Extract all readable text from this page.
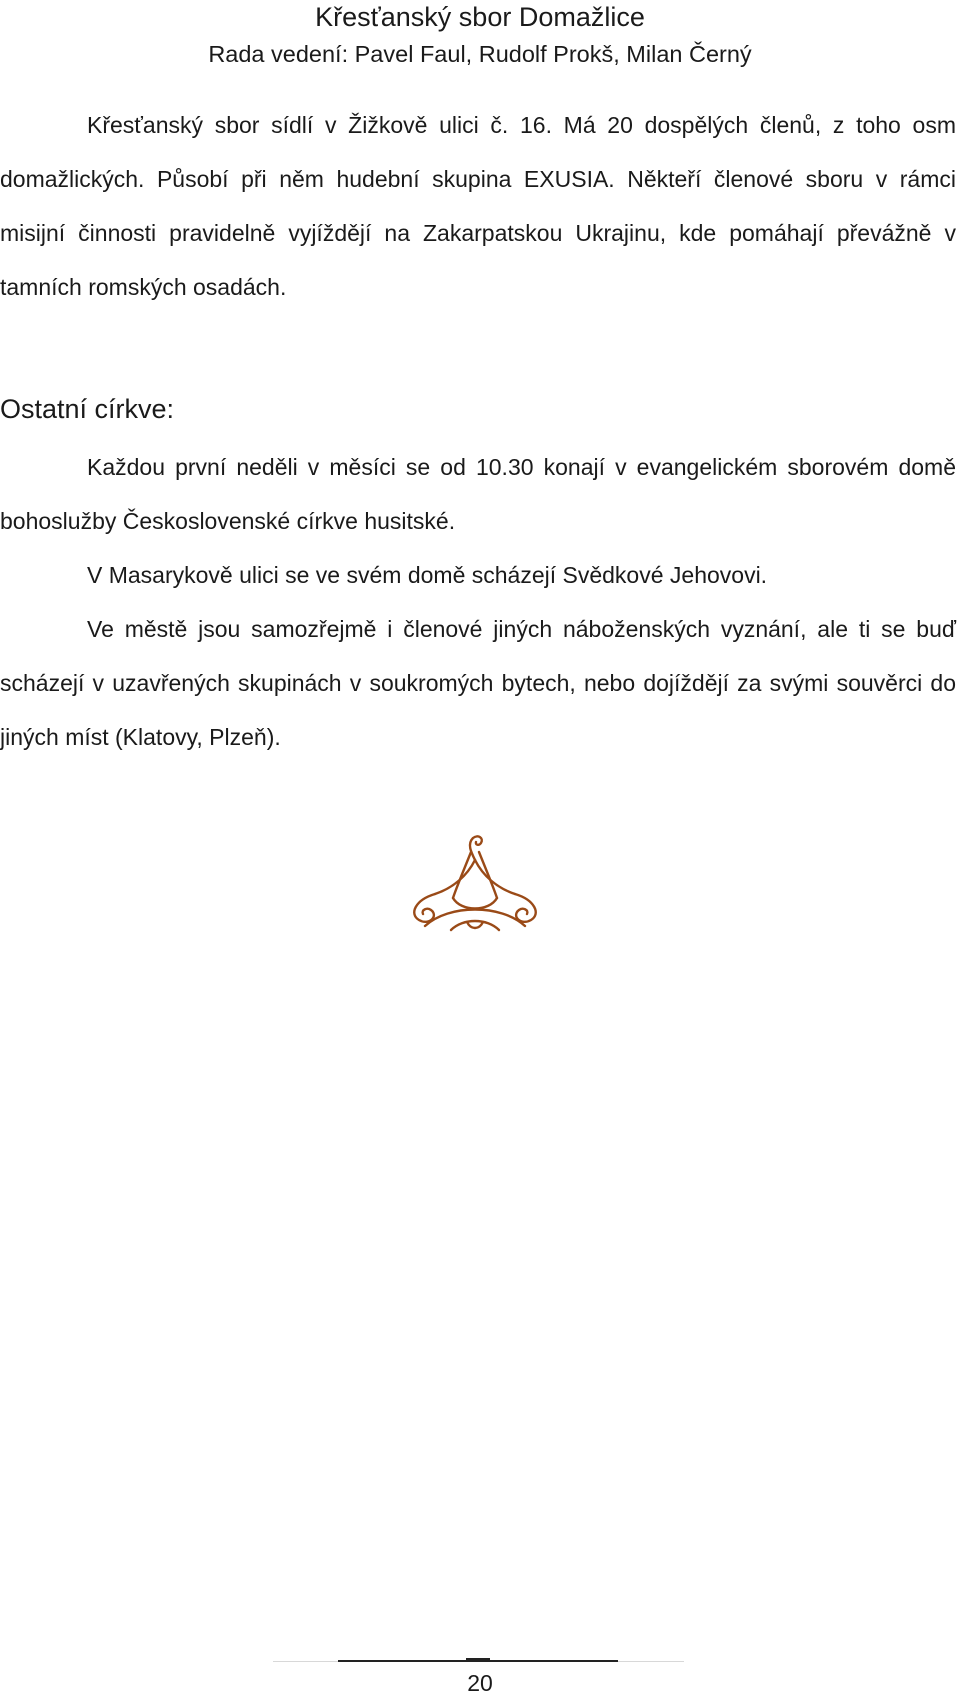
Křesťanský sbor Domažlice
Rada vedení: Pavel Faul, Rudolf Prokš, Milan Černý

Křesťanský sbor sídlí v Žižkově ulici č. 16. Má 20 dospělých členů, z toho osm domažlických. Působí při něm hudební skupina EXUSIA. Někteří členové sboru v rámci misijní činnosti pravidelně vyjíždějí na Zakarpatskou Ukrajinu, kde pomáhají převážně v tamních romských osadách.

Ostatní církve:

Každou první neděli v měsíci se od 10.30 konají v evangelickém sborovém domě bohoslužby Československé církve husitské.

V Masarykově ulici se ve svém domě scházejí Svědkové Jehovovi.

Ve městě jsou samozřejmě i členové jiných náboženských vyznání, ale ti se buď scházejí v uzavřených skupinách v soukromých bytech, nebo dojíždějí za svými souvěrci do jiných míst (Klatovy, Plzeň).

20
